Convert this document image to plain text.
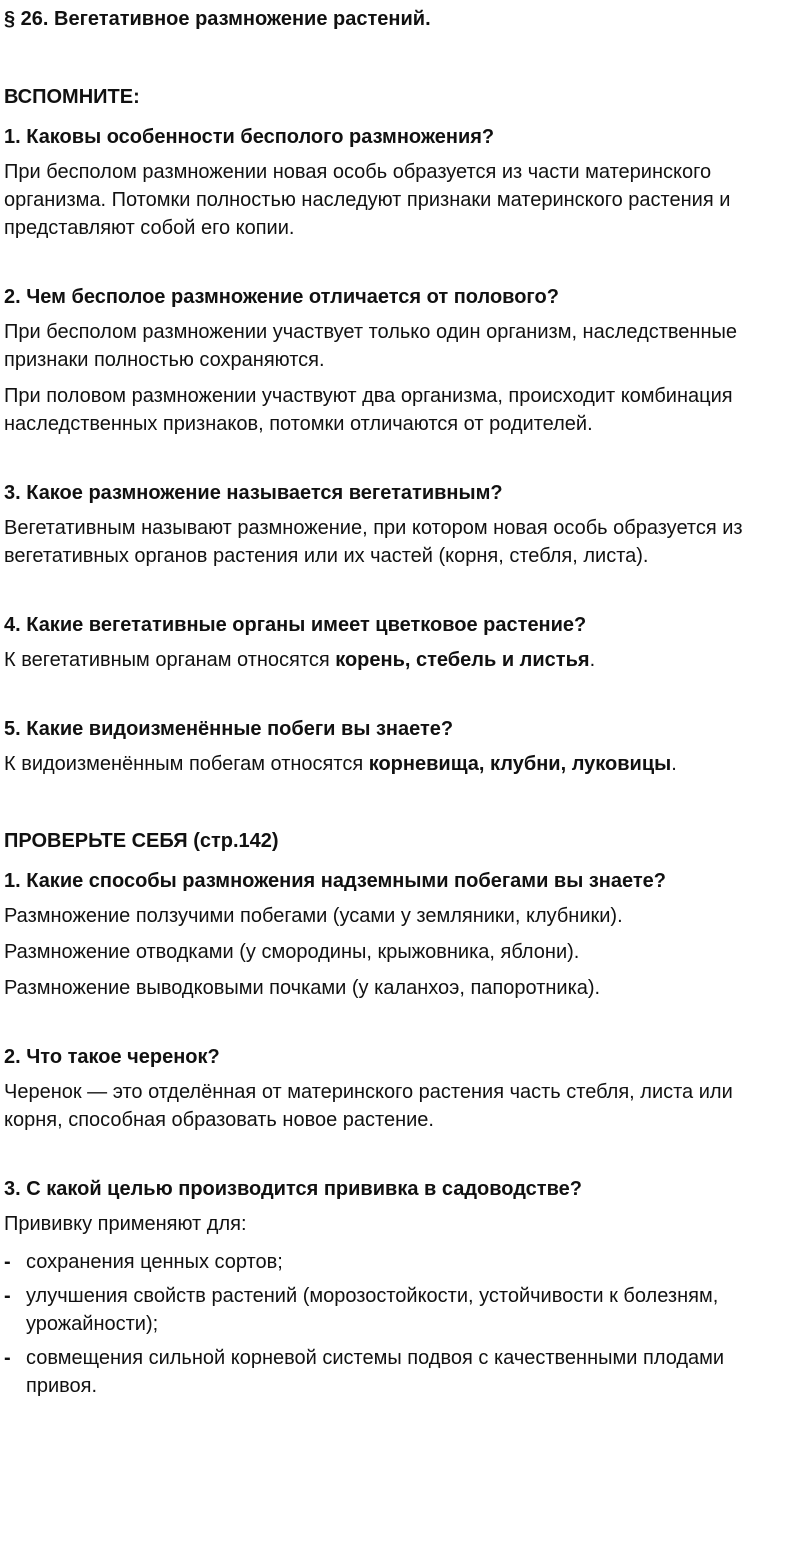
§ 26. Вегетативное размножение растений.
ВСПОМНИТЕ:
1. Каковы особенности бесполого размножения?
При бесполом размножении новая особь образуется из части материнского организма. Потомки полностью наследуют признаки материнского растения и представляют собой его копии.
2. Чем бесполое размножение отличается от полового?
При бесполом размножении участвует только один организм, наследственные признаки полностью сохраняются.
При половом размножении участвуют два организма, происходит комбинация наследственных признаков, потомки отличаются от родителей.
3. Какое размножение называется вегетативным?
Вегетативным называют размножение, при котором новая особь образуется из вегетативных органов растения или их частей (корня, стебля, листа).
4. Какие вегетативные органы имеет цветковое растение?
К вегетативным органам относятся корень, стебель и листья.
5. Какие видоизменённые побеги вы знаете?
К видоизменённым побегам относятся корневища, клубни, луковицы.
ПРОВЕРЬТЕ СЕБЯ (стр.142)
1. Какие способы размножения надземными побегами вы знаете?
Размножение ползучими побегами (усами у земляники, клубники).
Размножение отводками (у смородины, крыжовника, яблони).
Размножение выводковыми почками (у каланхоэ, папоротника).
2. Что такое черенок?
Черенок — это отделённая от материнского растения часть стебля, листа или корня, способная образовать новое растение.
3. С какой целью производится прививка в садоводстве?
Прививку применяют для:
- сохранения ценных сортов;
- улучшения свойств растений (морозостойкости, устойчивости к болезням, урожайности);
- совмещения сильной корневой системы подвоя с качественными плодами привоя.
